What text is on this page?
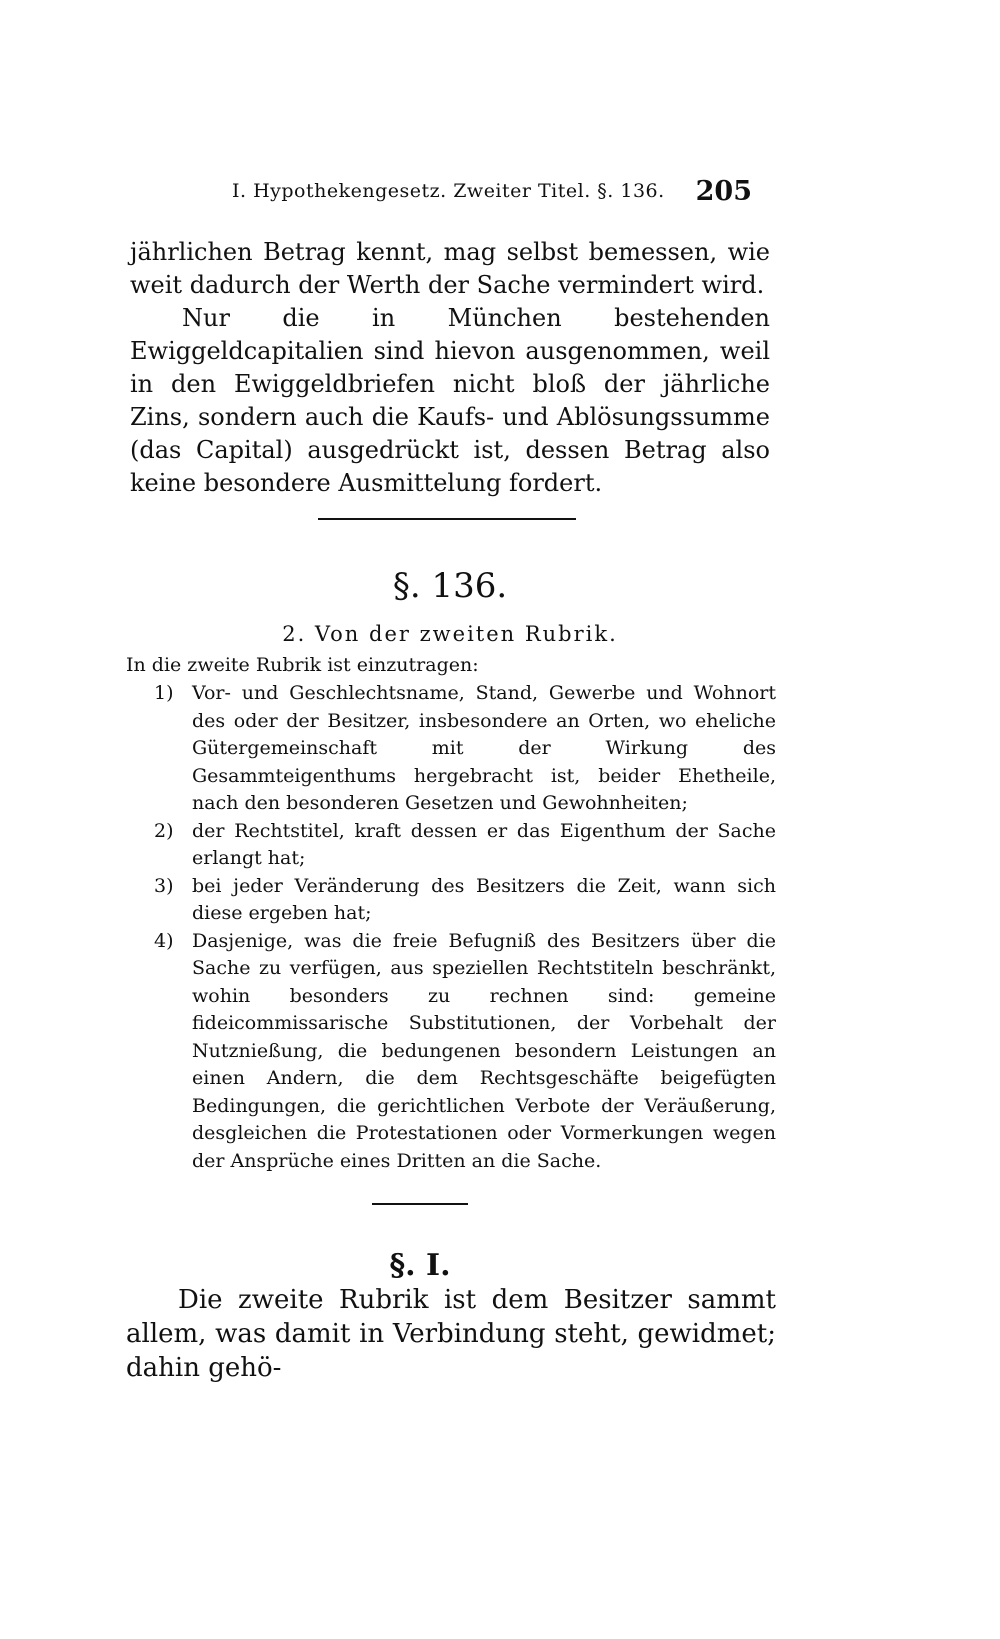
I. Hypothekengesetz. Zweiter Titel. §. 136. 205

jährlichen Betrag kennt, mag selbst bemessen, wie weit dadurch der Werth der Sache vermindert wird.

Nur die in München bestehenden Ewiggeldcapitalien sind hievon ausgenommen, weil in den Ewiggeldbriefen nicht bloß der jährliche Zins, sondern auch die Kaufs- und Ablösungssumme (das Capital) ausgedrückt ist, dessen Betrag also keine besondere Ausmittelung fordert.

§. 136.
2. Von der zweiten Rubrik.
In die zweite Rubrik ist einzutragen:

1) Vor- und Geschlechtsname, Stand, Gewerbe und Wohnort des oder der Besitzer, insbesondere an Orten, wo eheliche Gütergemeinschaft mit der Wirkung des Gesammteigenthums hergebracht ist, beider Ehetheile, nach den besonderen Gesetzen und Gewohnheiten;

2) der Rechtstitel, kraft dessen er das Eigenthum der Sache erlangt hat;

3) bei jeder Veränderung des Besitzers die Zeit, wann sich diese ergeben hat;

4) Dasjenige, was die freie Befugniß des Besitzers über die Sache zu verfügen, aus speziellen Rechtstiteln beschränkt, wohin besonders zu rechnen sind: gemeine fideicommissarische Substitutionen, der Vorbehalt der Nutznießung, die bedungenen besondern Leistungen an einen Andern, die dem Rechtsgeschäfte beigefügten Bedingungen, die gerichtlichen Verbote der Veräußerung, desgleichen die Protestationen oder Vormerkungen wegen der Ansprüche eines Dritten an die Sache.

§. I.

Die zweite Rubrik ist dem Besitzer sammt allem, was damit in Verbindung steht, gewidmet; dahin gehö-
